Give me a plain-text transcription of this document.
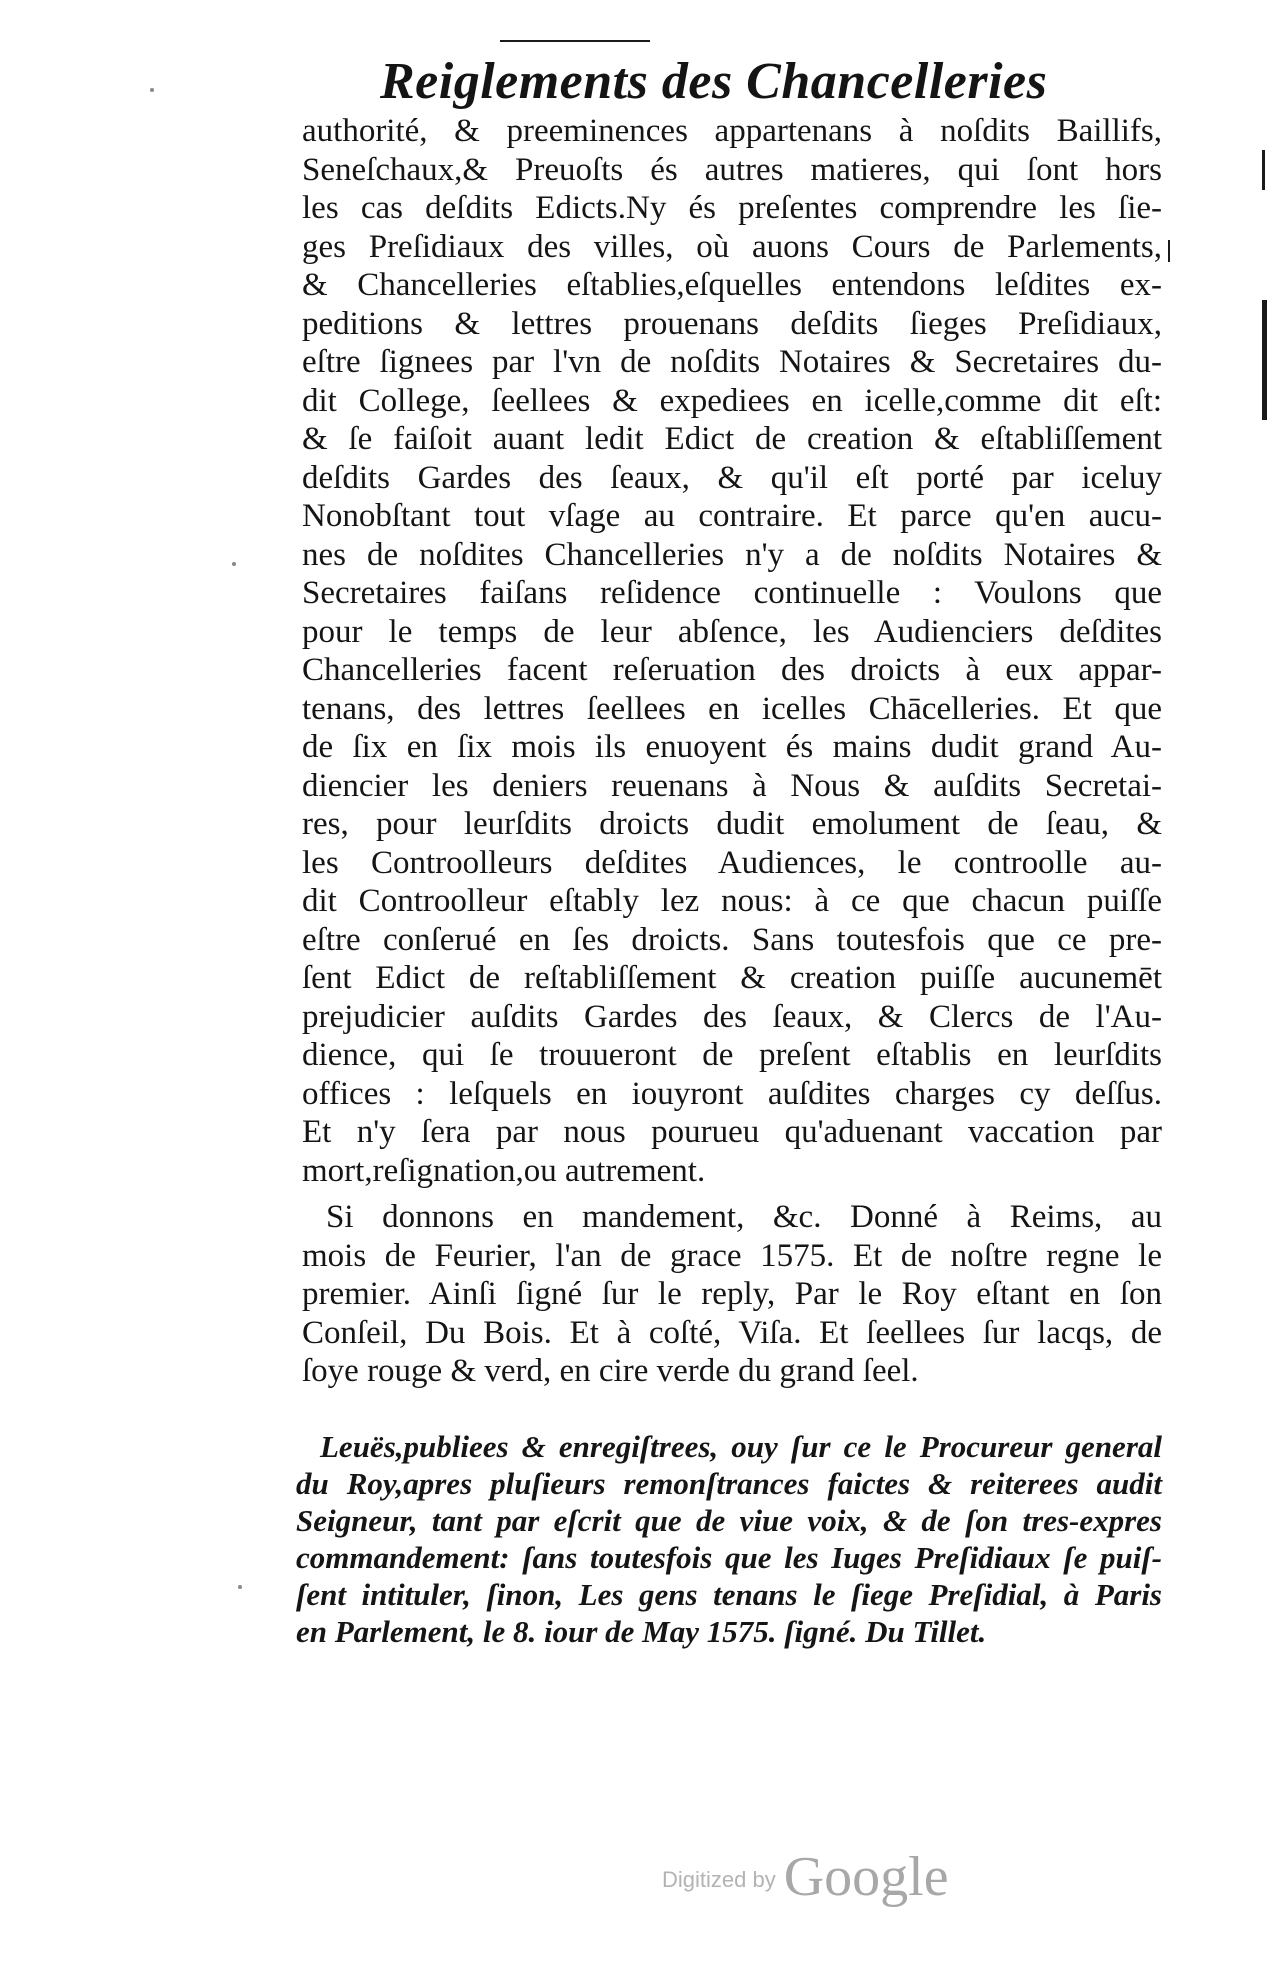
Reiglements des Chancelleries
authorité, & preeminences appartenans à noſdits Baillifs,
Seneſchaux,& Preuoſts és autres matieres, qui ſont hors
les cas deſdits Edicts.Ny és preſentes comprendre les ſie-
ges Preſidiaux des villes, où auons Cours de Parlements,
& Chancelleries eſtablies,eſquelles entendons leſdites ex-
peditions & lettres prouenans deſdits ſieges Preſidiaux,
eſtre ſignees par l'vn de noſdits Notaires & Secretaires du-
dit College, ſeellees & expediees en icelle,comme dit eſt:
& ſe faiſoit auant ledit Edict de creation & eſtabliſſement
deſdits Gardes des ſeaux, & qu'il eſt porté par iceluy
Nonobſtant tout vſage au contraire. Et parce qu'en aucu-
nes de noſdites Chancelleries n'y a de noſdits Notaires &
Secretaires faiſans reſidence continuelle : Voulons que
pour le temps de leur abſence, les Audienciers deſdites
Chancelleries facent reſeruation des droicts à eux appar-
tenans, des lettres ſeellees en icelles Chācelleries. Et que
de ſix en ſix mois ils enuoyent és mains dudit grand Au-
diencier les deniers reuenans à Nous & auſdits Secretai-
res, pour leurſdits droicts dudit emolument de ſeau, &
les Controolleurs deſdites Audiences, le controolle au-
dit Controolleur eſtably lez nous: à ce que chacun puiſſe
eſtre conſerué en ſes droicts. Sans toutesfois que ce pre-
ſent Edict de reſtabliſſement & creation puiſſe aucunemēt
prejudicier auſdits Gardes des ſeaux, & Clercs de l'Au-
dience, qui ſe trouueront de preſent eſtablis en leurſdits
offices : leſquels en iouyront auſdites charges cy deſſus.
Et n'y ſera par nous pourueu qu'aduenant vaccation par
mort,reſignation,ou autrement.
Si donnons en mandement, &c. Donné à Reims, au
mois de Feurier, l'an de grace 1575. Et de noſtre regne le
premier. Ainſi ſigné ſur le reply, Par le Roy eſtant en ſon
Conſeil, Du Bois. Et à coſté, Viſa. Et ſeellees ſur lacqs, de
ſoye rouge & verd, en cire verde du grand ſeel.
Leuës,publiees & enregiſtrees, ouy ſur ce le Procureur general
du Roy,apres pluſieurs remonſtrances faictes & reiterees audit
Seigneur, tant par eſcrit que de viue voix, & de ſon tres-expres
commandement: ſans toutesfois que les Iuges Preſidiaux ſe puiſ-
ſent intituler, ſinon, Les gens tenans le ſiege Preſidial, à Paris
en Parlement, le 8. iour de May 1575. ſigné. Du Tillet.
Digitized by Google
